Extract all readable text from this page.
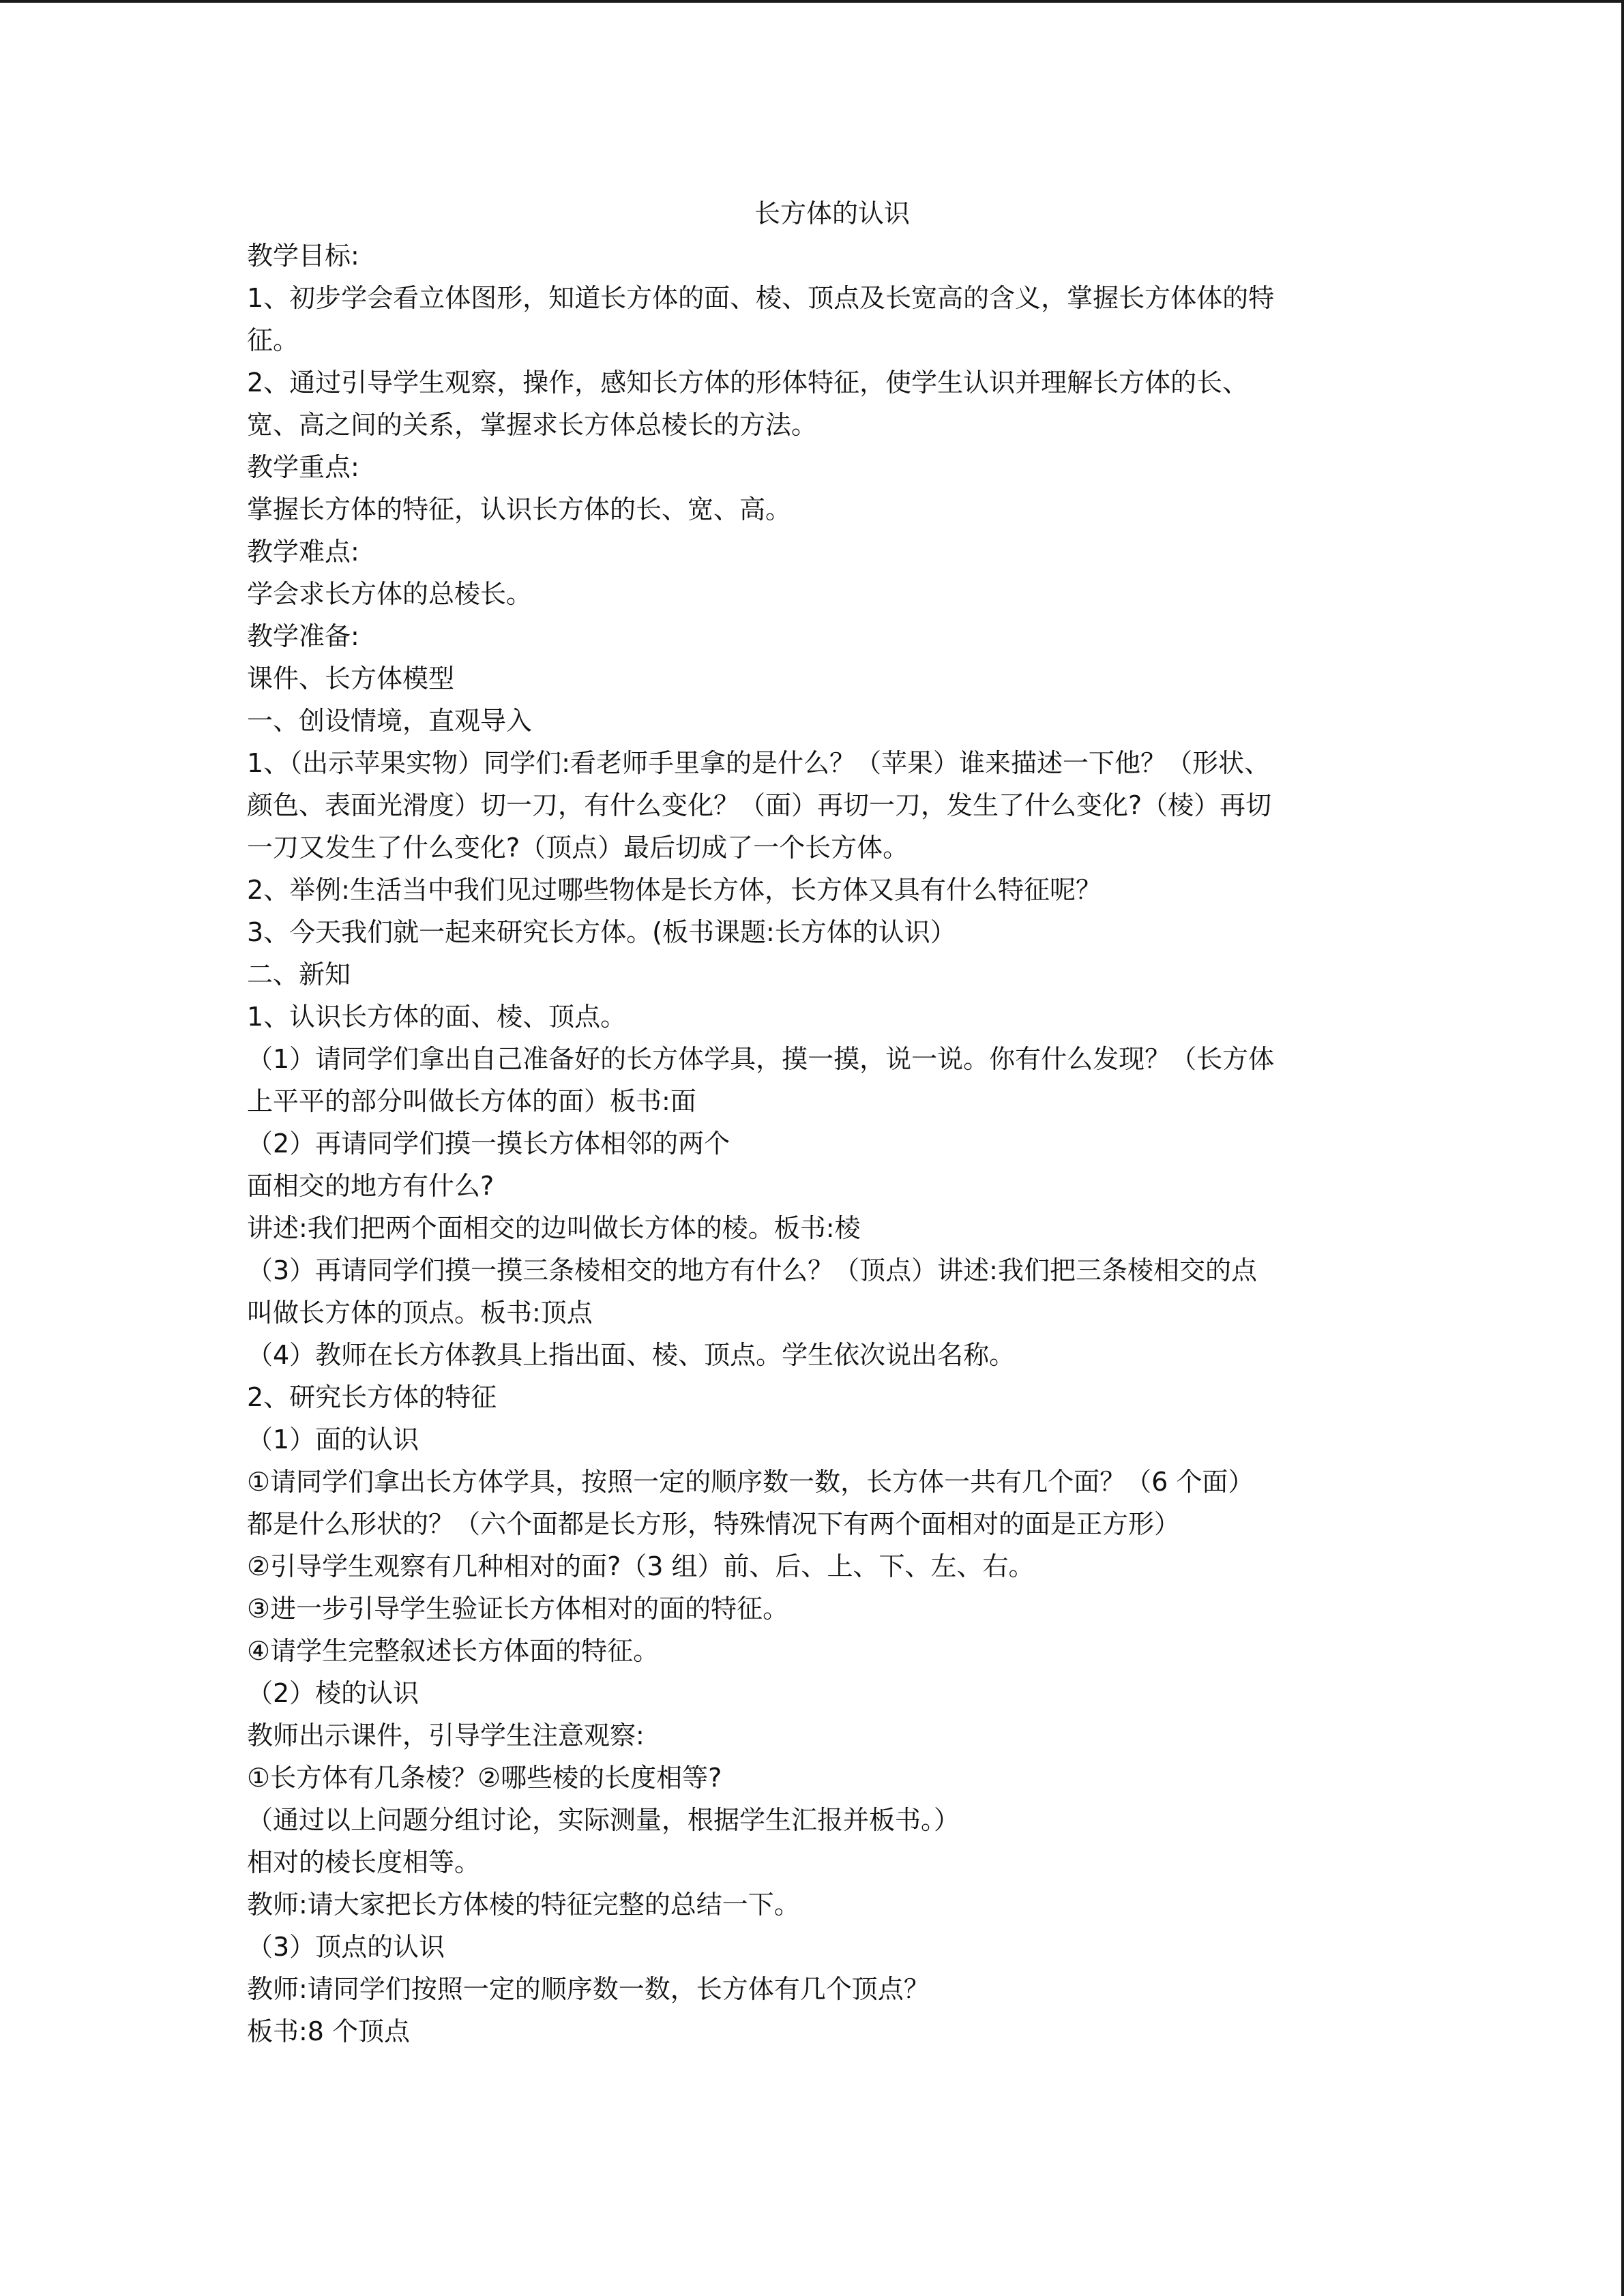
长方体的认识

教学目标:

1、初步学会看立体图形，知道长方体的面、棱、顶点及长宽高的含义，掌握长方体体的特

征。

2、通过引导学生观察，操作，感知长方体的形体特征，使学生认识并理解长方体的长、

宽、高之间的关系，掌握求长方体总棱长的方法。

教学重点:

掌握长方体的特征，认识长方体的长、宽、高。

教学难点:

学会求长方体的总棱长。

教学准备:

课件、长方体模型

一、创设情境，直观导入

1、（出示苹果实物）同学们:看老师手里拿的是什么？（苹果）谁来描述一下他？（形状、

颜色、表面光滑度）切一刀，有什么变化？（面）再切一刀，发生了什么变化?（棱）再切

一刀又发生了什么变化?（顶点）最后切成了一个长方体。

2、举例:生活当中我们见过哪些物体是长方体，长方体又具有什么特征呢？

3、今天我们就一起来研究长方体。(板书课题:长方体的认识）

二、新知

1、认识长方体的面、棱、顶点。

（1）请同学们拿出自己准备好的长方体学具，摸一摸，说一说。你有什么发现？（长方体

上平平的部分叫做长方体的面）板书:面

（2）再请同学们摸一摸长方体相邻的两个

面相交的地方有什么?

讲述:我们把两个面相交的边叫做长方体的棱。板书:棱

（3）再请同学们摸一摸三条棱相交的地方有什么？（顶点）讲述:我们把三条棱相交的点

叫做长方体的顶点。板书:顶点

（4）教师在长方体教具上指出面、棱、顶点。学生依次说出名称。

2、研究长方体的特征

（1）面的认识

①请同学们拿出长方体学具，按照一定的顺序数一数，长方体一共有几个面？（6 个面）

都是什么形状的？（六个面都是长方形，特殊情况下有两个面相对的面是正方形）

②引导学生观察有几种相对的面?（3 组）前、后、上、下、左、右。

③进一步引导学生验证长方体相对的面的特征。

④请学生完整叙述长方体面的特征。

（2）棱的认识

教师出示课件，引导学生注意观察:

①长方体有几条棱？②哪些棱的长度相等?

（通过以上问题分组讨论，实际测量，根据学生汇报并板书。）

相对的棱长度相等。

教师:请大家把长方体棱的特征完整的总结一下。

（3）顶点的认识

教师:请同学们按照一定的顺序数一数，长方体有几个顶点？

板书:8 个顶点
